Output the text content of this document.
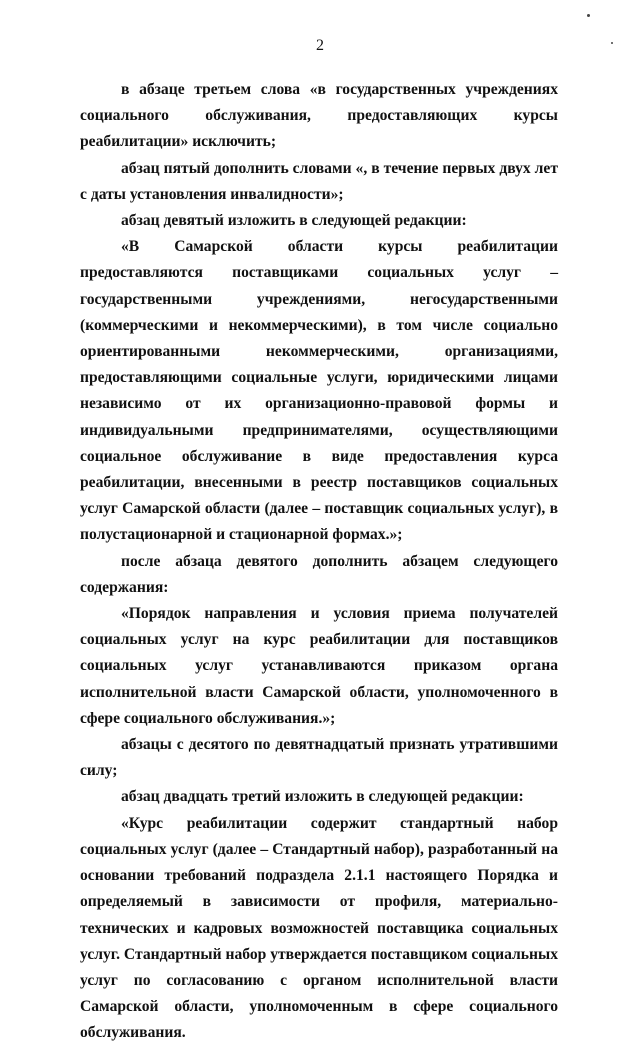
2

в абзаце третьем слова «в государственных учреждениях социального обслуживания, предоставляющих курсы реабилитации» исключить;

абзац пятый дополнить словами «, в течение первых двух лет с даты установления инвалидности»;

абзац девятый изложить в следующей редакции:

«В Самарской области курсы реабилитации предоставляются поставщиками социальных услуг – государственными учреждениями, негосударственными (коммерческими и некоммерческими), в том числе социально ориентированными некоммерческими, организациями, предоставляющими социальные услуги, юридическими лицами независимо от их организационно-правовой формы и индивидуальными предпринимателями, осуществляющими социальное обслуживание в виде предоставления курса реабилитации, внесенными в реестр поставщиков социальных услуг Самарской области (далее – поставщик социальных услуг), в полустационарной и стационарной формах.»;

после абзаца девятого дополнить абзацем следующего содержания:

«Порядок направления и условия приема получателей социальных услуг на курс реабилитации для поставщиков социальных услуг устанавливаются приказом органа исполнительной власти Самарской области, уполномоченного в сфере социального обслуживания.»;

абзацы с десятого по девятнадцатый признать утратившими силу;

абзац двадцать третий изложить в следующей редакции:

«Курс реабилитации содержит стандартный набор социальных услуг (далее – Стандартный набор), разработанный на основании требований подраздела 2.1.1 настоящего Порядка и определяемый в зависимости от профиля, материально-технических и кадровых возможностей поставщика социальных услуг. Стандартный набор утверждается поставщиком социальных услуг по согласованию с органом исполнительной власти Самарской области, уполномоченным в сфере социального обслуживания.
